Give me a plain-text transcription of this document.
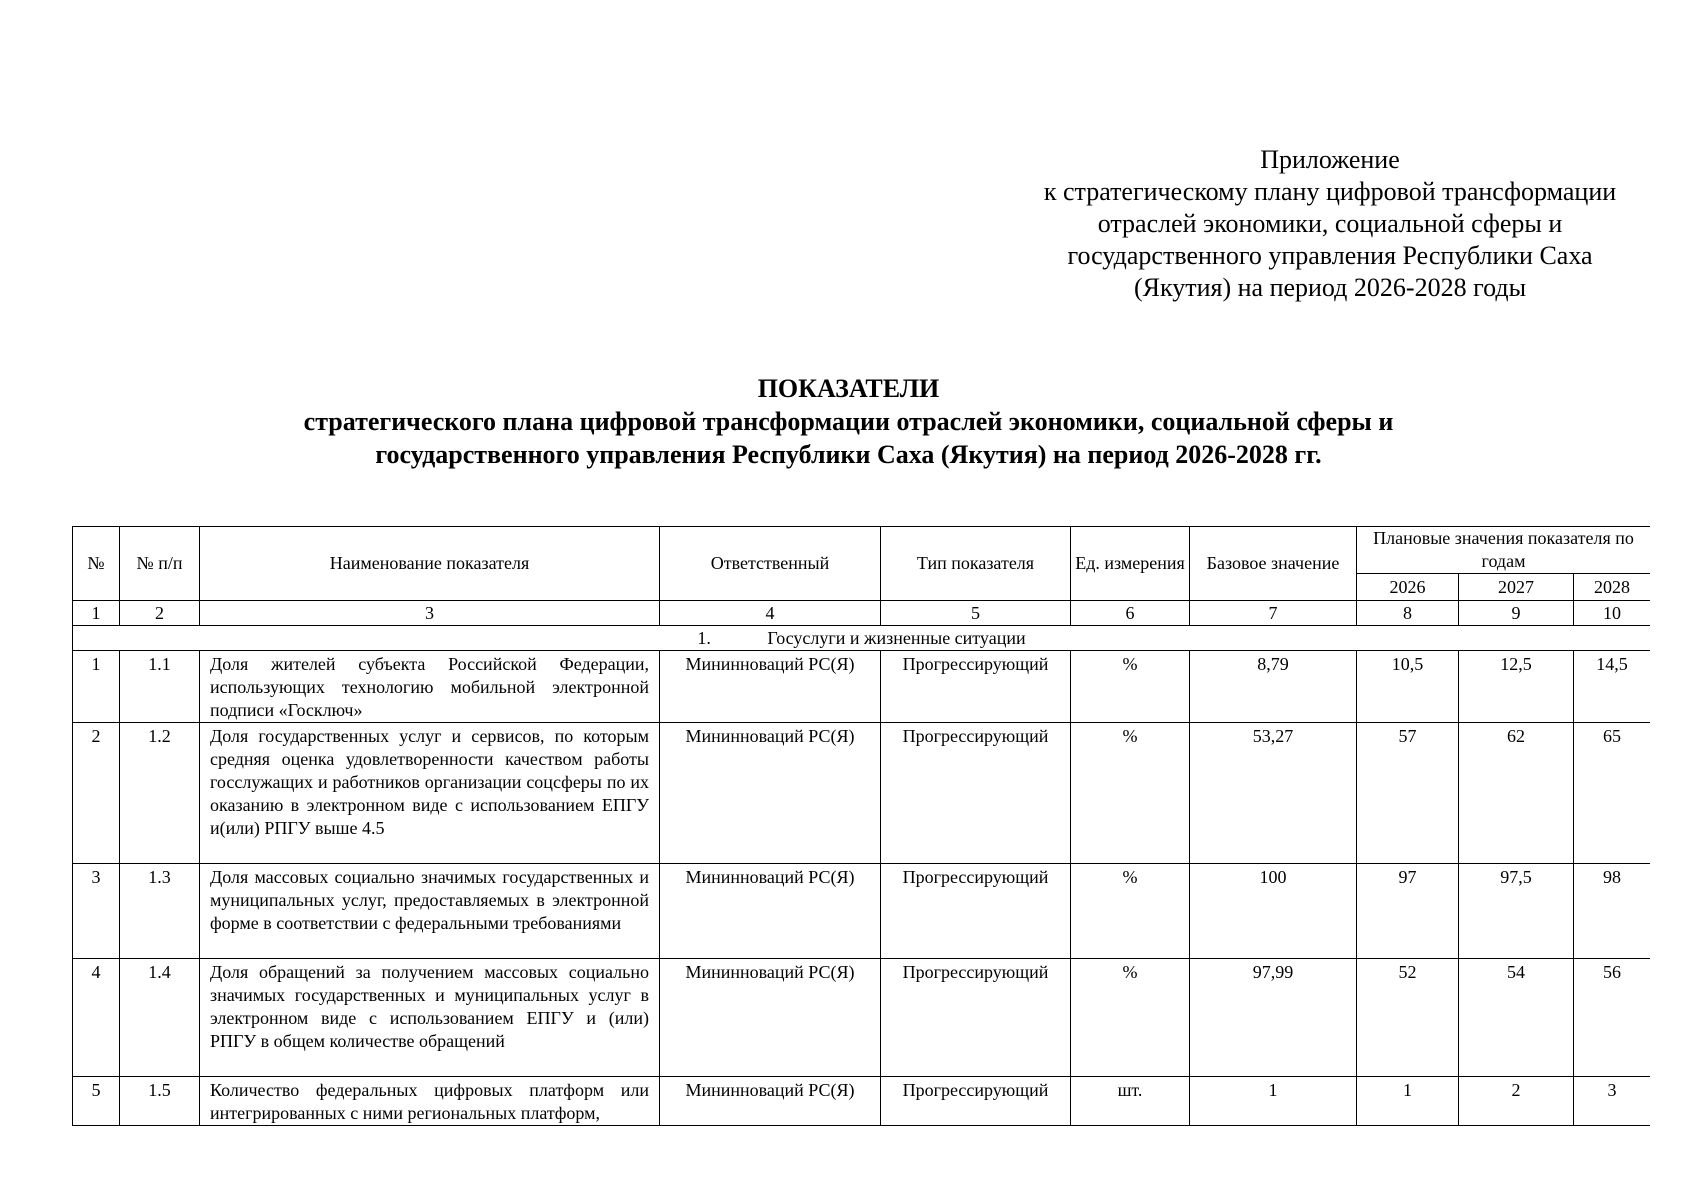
Приложение
к стратегическому плану цифровой трансформации
отраслей экономики, социальной сферы и
государственного управления Республики Саха
(Якутия) на период 2026-2028 годы
ПОКАЗАТЕЛИ
стратегического плана цифровой трансформации отраслей экономики, социальной сферы и
государственного управления Республики Саха (Якутия) на период 2026-2028 гг.
№	№ п/п	Наименование показателя	Ответственный	Тип показателя	Ед. измерения	Базовое значение	Плановые значения показателя по годам		
							2026	2027	2028
1	2	3	4	5	6	7	8	9	10
1. Госуслуги и жизненные ситуации									
1	1.1	Доля жителей субъекта Российской Федерации, использующих технологию мобильной электронной подписи «Госключ»	Мининноваций РС(Я)	Прогрессирующий	%	8,79	10,5	12,5	14,5
2	1.2	Доля государственных услуг и сервисов, по которым средняя оценка удовлетворенности качеством работы госслужащих и работников организации соцсферы по их оказанию в электронном виде с использованием ЕПГУ и(или) РПГУ выше 4.5	Мининноваций РС(Я)	Прогрессирующий	%	53,27	57	62	65
3	1.3	Доля массовых социально значимых государственных и муниципальных услуг, предоставляемых в электронной форме в соответствии с федеральными требованиями	Мининноваций РС(Я)	Прогрессирующий	%	100	97	97,5	98
4	1.4	Доля обращений за получением массовых социально значимых государственных и муниципальных услуг в электронном виде с использованием ЕПГУ и (или) РПГУ в общем количестве обращений	Мининноваций РС(Я)	Прогрессирующий	%	97,99	52	54	56
5	1.5	Количество федеральных цифровых платформ или интегрированных с ними региональных платформ,	Мининноваций РС(Я)	Прогрессирующий	шт.	1	1	2	3
